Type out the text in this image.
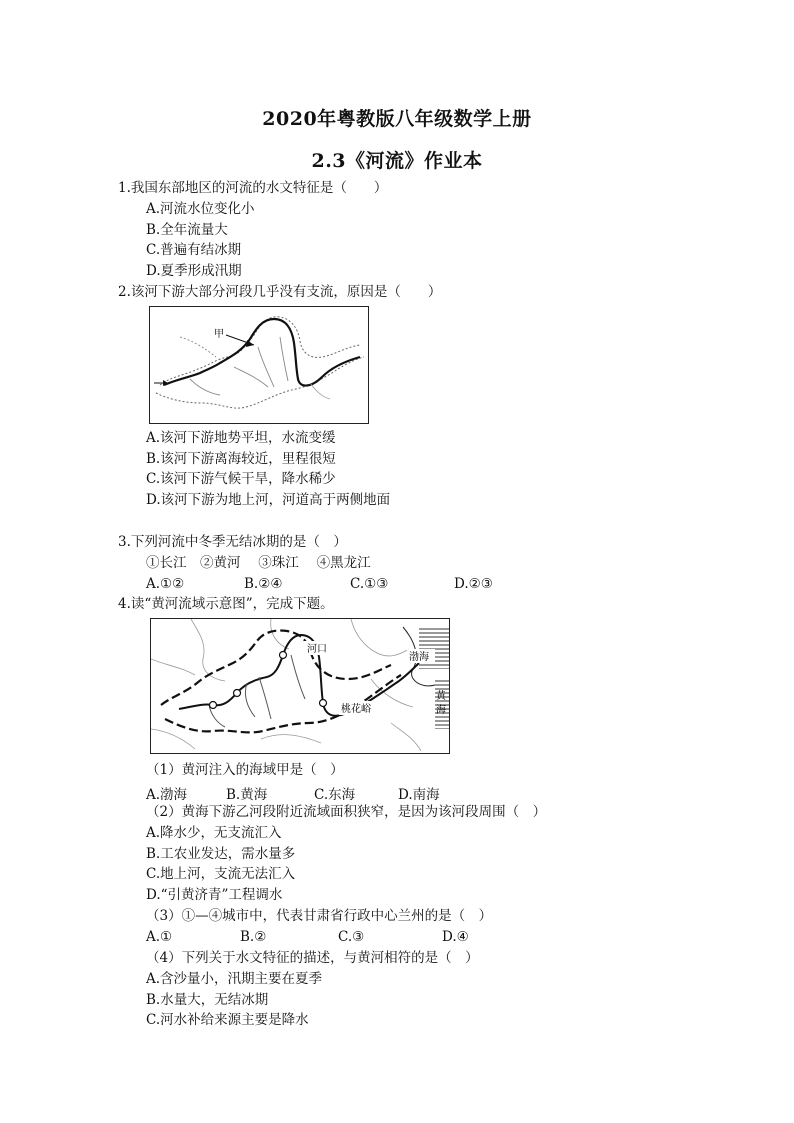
2020年粤教版八年级数学上册
2.3《河流》作业本
1.我国东部地区的河流的水文特征是（　　）
A.河流水位变化小
B.全年流量大
C.普遍有结冰期
D.夏季形成汛期
2.该河下游大部分河段几乎没有支流，原因是（　　）
甲
A.该河下游地势平坦，水流变缓
B.该河下游离海较近，里程很短
C.该河下游气候干旱，降水稀少
D.该河下游为地上河，河道高于两侧地面
3.下列河流中冬季无结冰期的是（　）
①长江　②黄河　 ③珠江　 ④黑龙江
A.①②	B.②④	C.①③	D.②③
4.读“黄河流域示意图”，完成下题。
河口
渤海
桃花峪
黄
海
（1）黄河注入的海域甲是（　）
A.渤海	B.黄海	C.东海	D.南海
（2）黄海下游乙河段附近流域面积狭窄，是因为该河段周围（　）
A.降水少，无支流汇入
B.工农业发达，需水量多
C.地上河，支流无法汇入
D.“引黄济青”工程调水
（3）①—④城市中，代表甘肃省行政中心兰州的是（　）
A.①	B.②	C.③	D.④
（4）下列关于水文特征的描述，与黄河相符的是（　）
A.含沙量小，汛期主要在夏季
B.水量大，无结冰期
C.河水补给来源主要是降水
